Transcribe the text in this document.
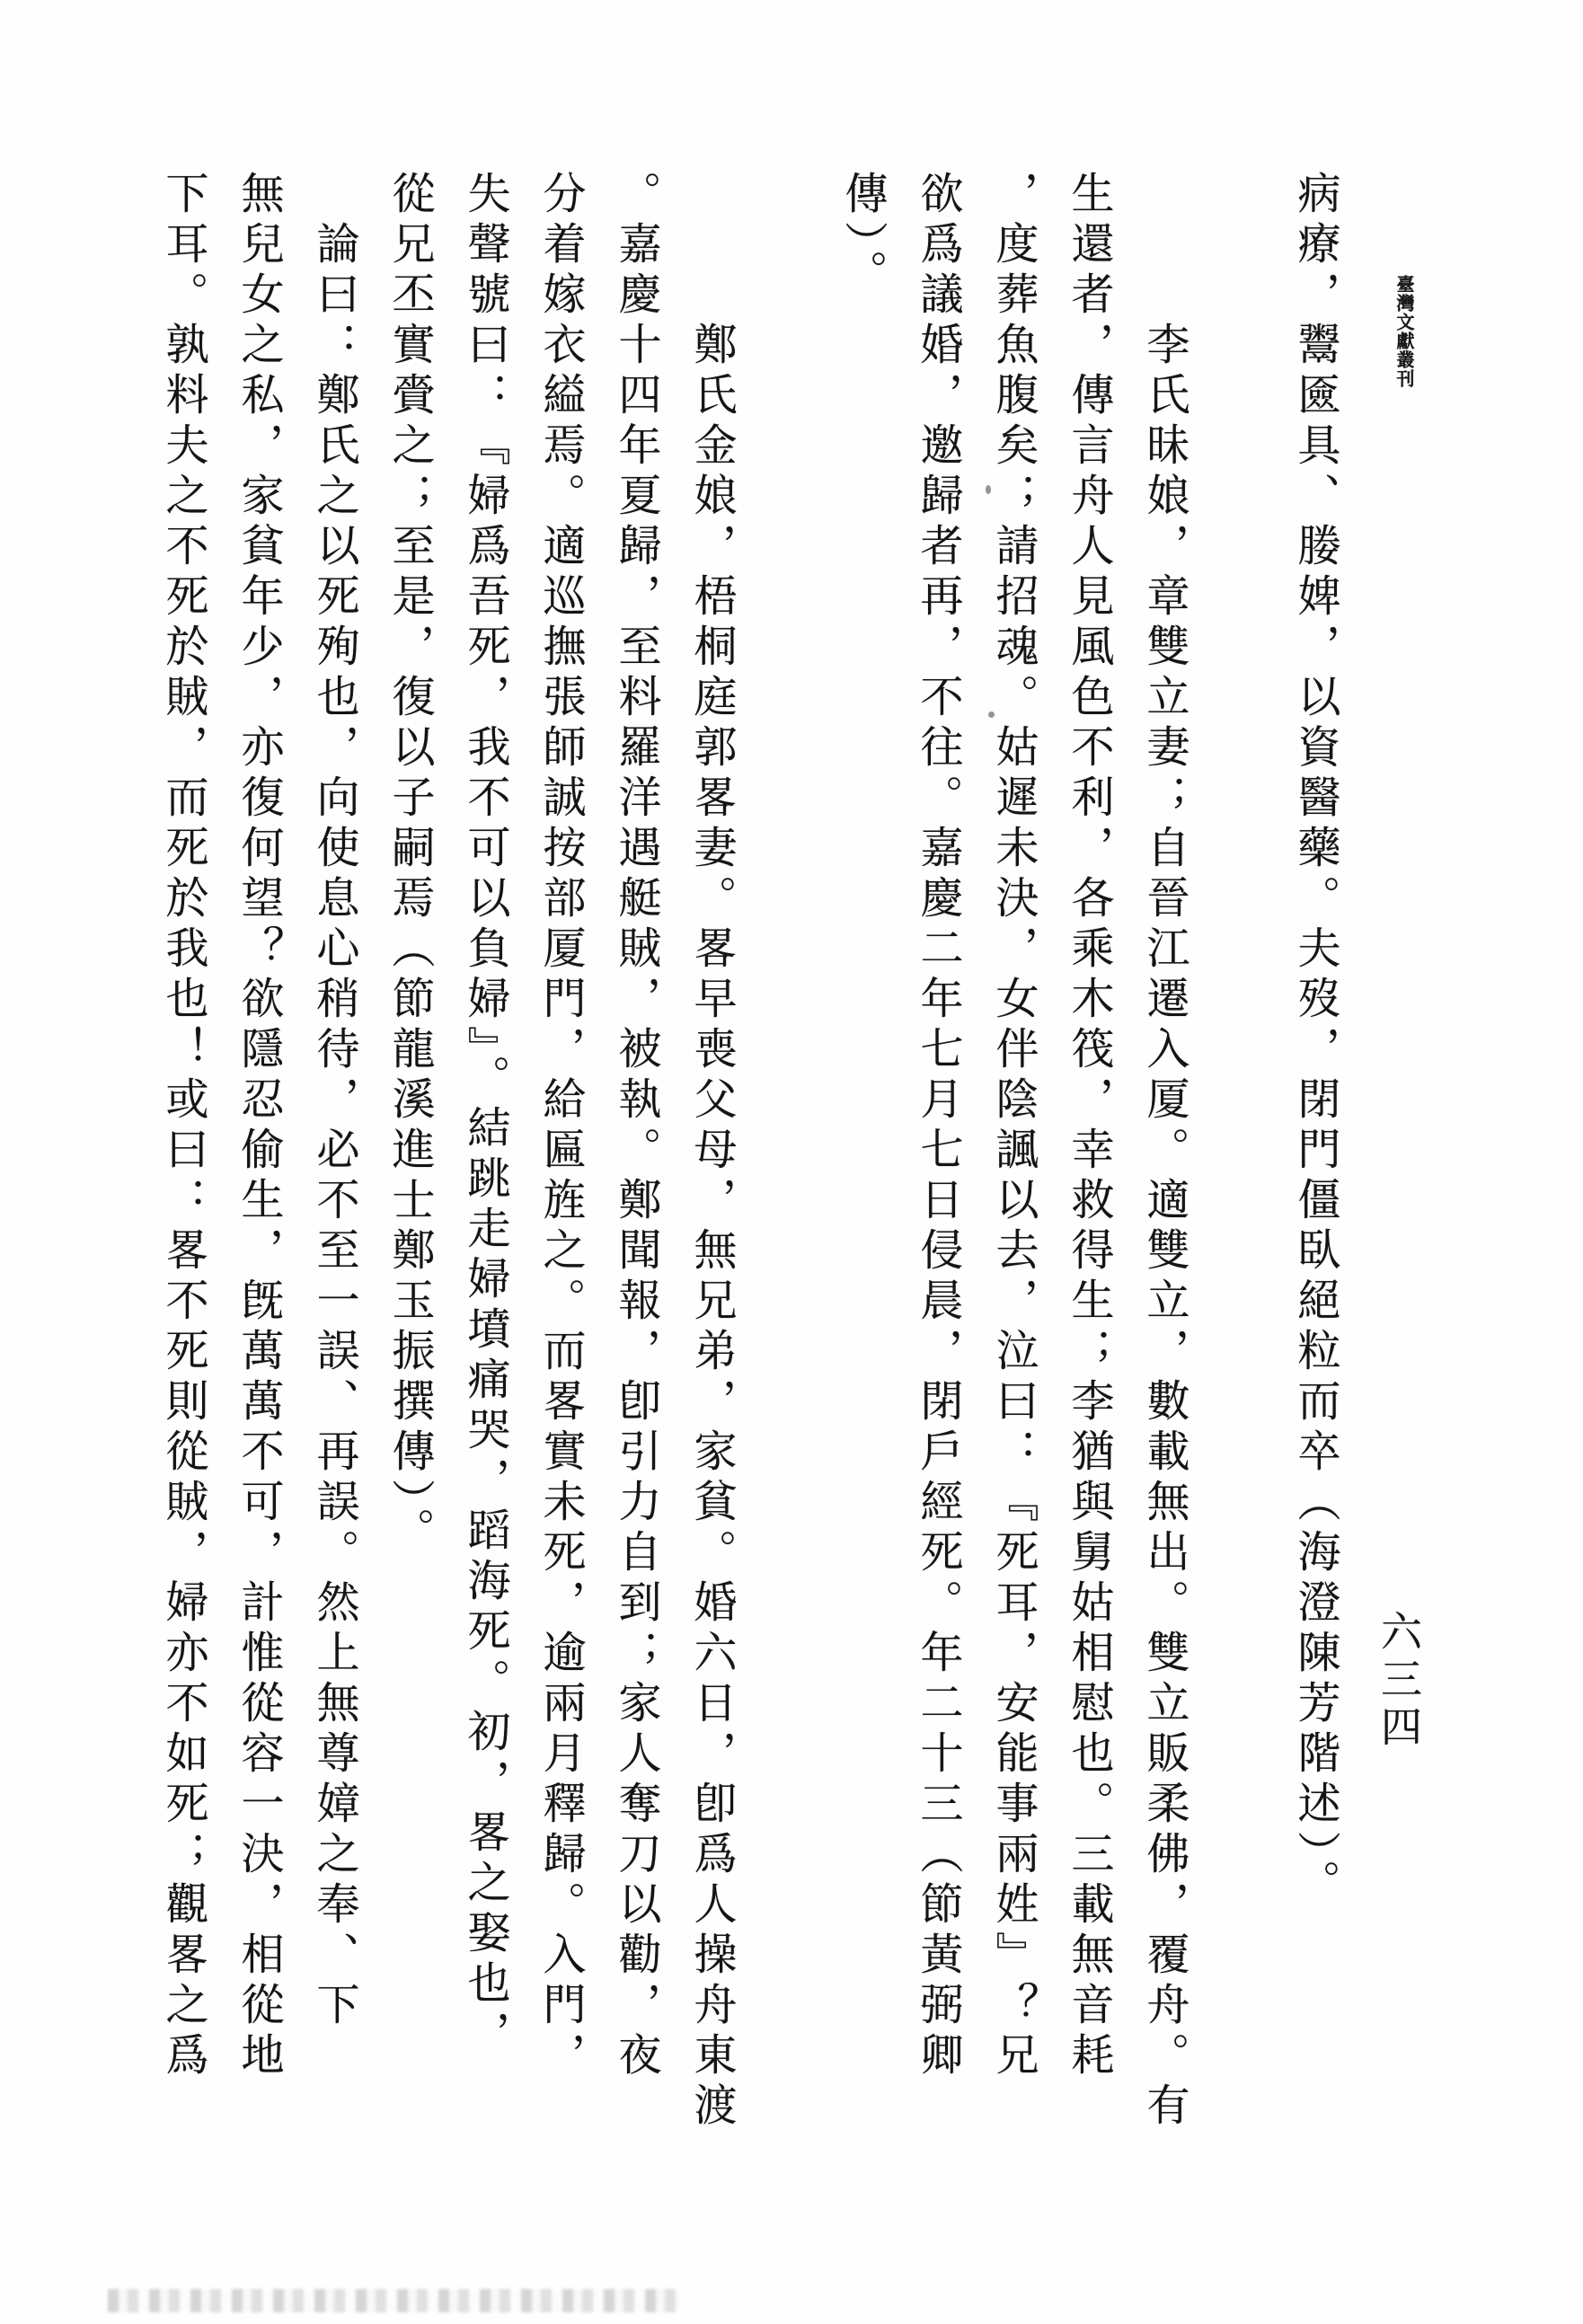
臺灣文獻叢刊
六三四
病療，鬻匳具、媵婢，以資醫藥。夫歿，閉門僵臥絕粒而卒（海澄陳芳階述）。
李氏昧娘，章雙立妻；自晉江遷入厦。適雙立，數載無出。雙立販柔佛，覆舟。有
生還者，傳言舟人見風色不利，各乘木筏，幸救得生；李猶與舅姑相慰也。三載無音耗
，度葬魚腹矣；請招魂。姑遲未決，女伴陰諷以去，泣曰：『死耳，安能事兩姓』？兄
欲爲議婚，邀歸者再，不往。嘉慶二年七月七日侵晨，閉戶經死。年二十三（節黃弼卿
傳）。
鄭氏金娘，梧桐庭郭畧妻。畧早喪父母，無兄弟，家貧。婚六日，卽爲人操舟東渡
。嘉慶十四年夏歸，至料羅洋遇艇賊，被執。鄭聞報，卽引力自到；家人奪刀以勸，夜
分着嫁衣縊焉。適巡撫張師誠按部厦門，給匾旌之。而畧實未死，逾兩月釋歸。入門，
失聲號曰：『婦爲吾死，我不可以負婦』。結跳走婦墳痛哭，蹈海死。初，畧之娶也，
從兄丕實賫之；至是，復以子嗣焉（節龍溪進士鄭玉振撰傳）。
論曰：鄭氏之以死殉也，向使息心稍待，必不至一誤、再誤。然上無尊嫜之奉、下
無兒女之私，家貧年少，亦復何望？欲隱忍偷生，旣萬萬不可，計惟從容一決，相從地
下耳。孰料夫之不死於賊，而死於我也！或曰：畧不死則從賊，婦亦不如死；觀畧之爲
